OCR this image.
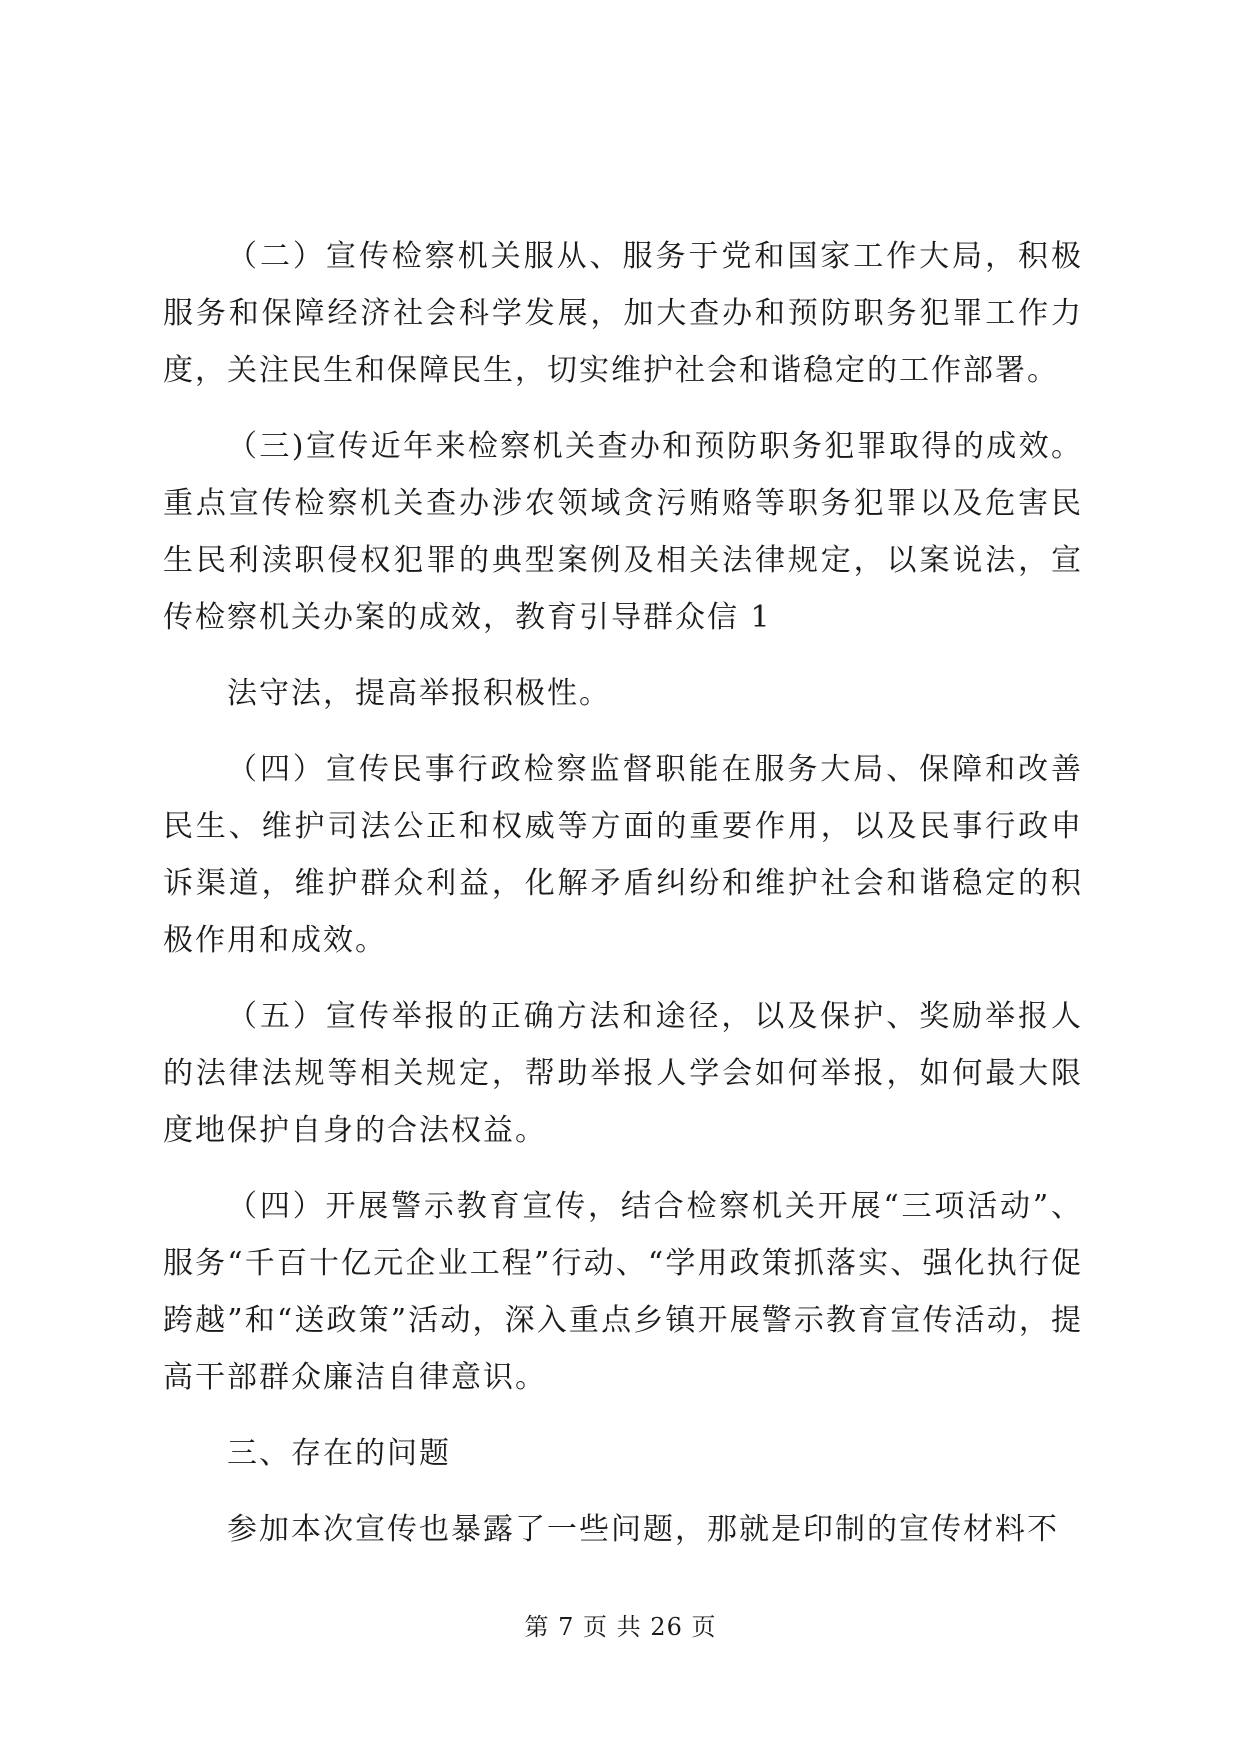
（二）宣传检察机关服从、服务于党和国家工作大局，积极服务和保障经济社会科学发展，加大查办和预防职务犯罪工作力度，关注民生和保障民生，切实维护社会和谐稳定的工作部署。

（三)宣传近年来检察机关查办和预防职务犯罪取得的成效。重点宣传检察机关查办涉农领域贪污贿赂等职务犯罪以及危害民生民利渎职侵权犯罪的典型案例及相关法律规定，以案说法，宣传检察机关办案的成效，教育引导群众信 1

法守法，提高举报积极性。

（四）宣传民事行政检察监督职能在服务大局、保障和改善民生、维护司法公正和权威等方面的重要作用，以及民事行政申诉渠道，维护群众利益，化解矛盾纠纷和维护社会和谐稳定的积极作用和成效。

（五）宣传举报的正确方法和途径，以及保护、奖励举报人的法律法规等相关规定，帮助举报人学会如何举报，如何最大限度地保护自身的合法权益。

（四）开展警示教育宣传，结合检察机关开展“三项活动”、服务“千百十亿元企业工程”行动、“学用政策抓落实、强化执行促跨越”和“送政策”活动，深入重点乡镇开展警示教育宣传活动，提高干部群众廉洁自律意识。

三、存在的问题

参加本次宣传也暴露了一些问题，那就是印制的宣传材料不

第 7 页 共 26 页
